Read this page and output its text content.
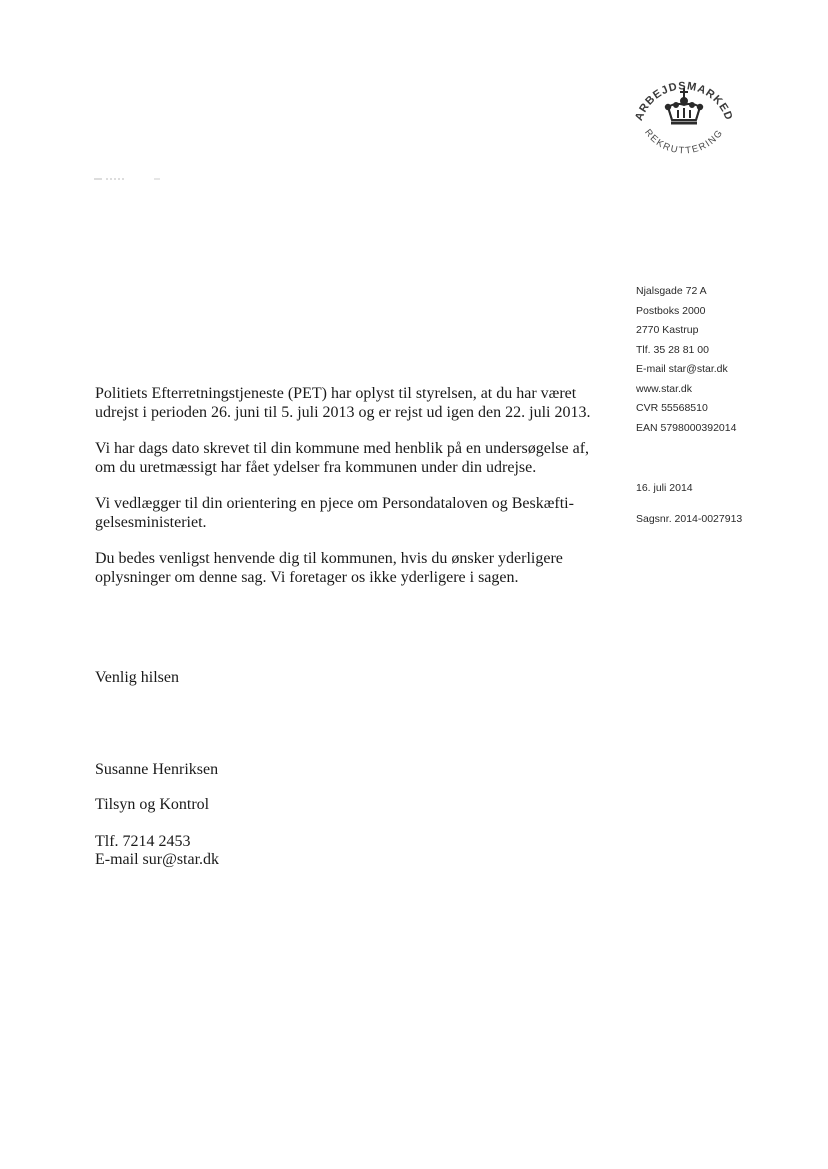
ARBEJDSMARKED
REKRUTTERING
Njalsgade 72 A
Postboks 2000
2770 Kastrup
Tlf. 35 28 81 00
E-mail star@star.dk
www.star.dk
CVR 55568510
EAN 5798000392014
16. juli 2014
Sagsnr. 2014-0027913

Politiets Efterretningstjeneste (PET) har oplyst til styrelsen, at du har været udrejst i perioden 26. juni til 5. juli 2013 og er rejst ud igen den 22. juli 2013.

Vi har dags dato skrevet til din kommune med henblik på en undersøgelse af, om du uretmæssigt har fået ydelser fra kommunen under din udrejse.

Vi vedlægger til din orientering en pjece om Persondataloven og Beskæfti-gelsesministeriet.

Du bedes venligst henvende dig til kommunen, hvis du ønsker yderligere oplysninger om denne sag. Vi foretager os ikke yderligere i sagen.

Venlig hilsen
Susanne Henriksen
Tilsyn og Kontrol
Tlf. 7214 2453
E-mail sur@star.dk
